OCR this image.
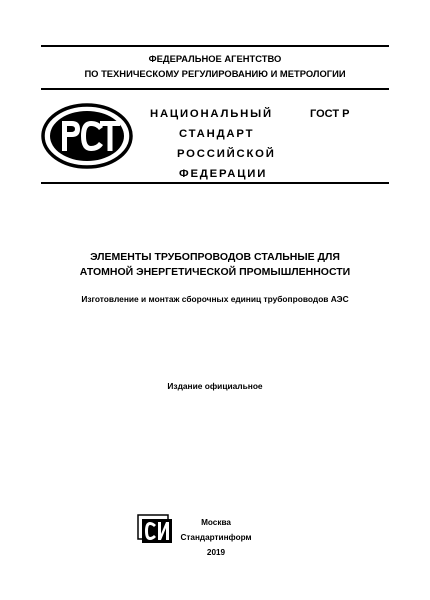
ФЕДЕРАЛЬНОЕ АГЕНТСТВО
ПО ТЕХНИЧЕСКОМУ РЕГУЛИРОВАНИЮ И МЕТРОЛОГИИ
РСТ
НАЦИОНАЛЬНЫЙ
СТАНДАРТ
РОССИЙСКОЙ
ФЕДЕРАЦИИ
ГОСТ Р
ЭЛЕМЕНТЫ ТРУБОПРОВОДОВ СТАЛЬНЫЕ ДЛЯ
АТОМНОЙ ЭНЕРГЕТИЧЕСКОЙ ПРОМЫШЛЕННОСТИ
Изготовление и монтаж сборочных единиц трубопроводов АЭС
Издание официальное
СИ
Москва
Стандартинформ
2019
